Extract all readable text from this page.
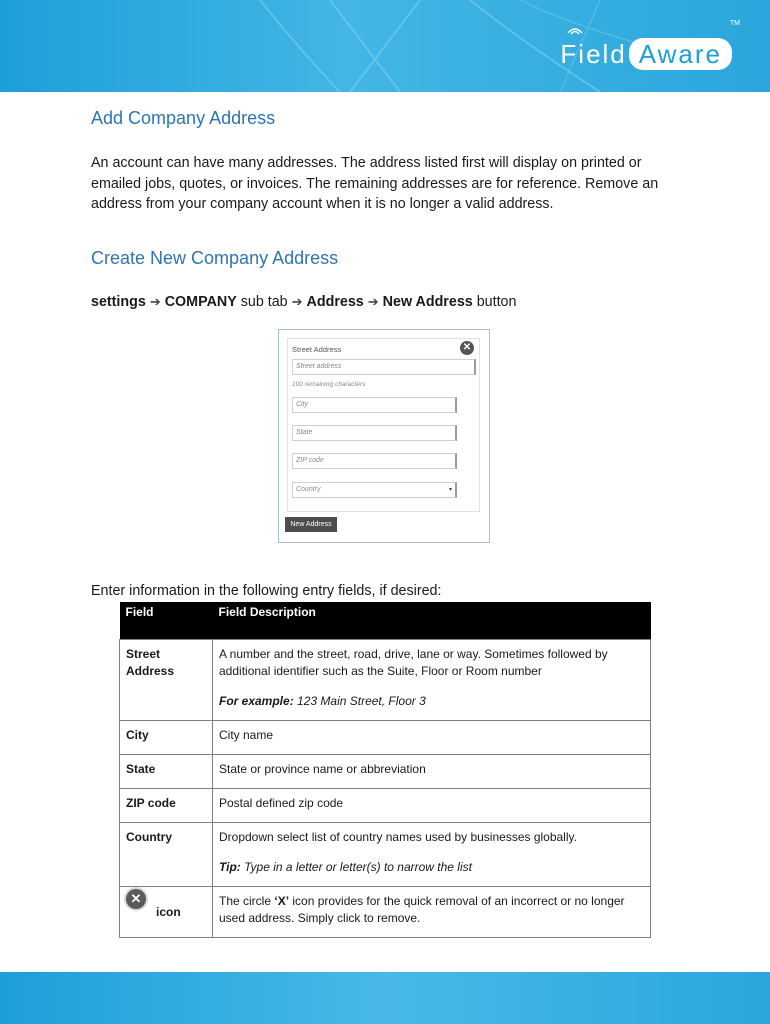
TM
Field Aware
Add Company Address

An account can have many addresses. The address listed first will display on printed or emailed jobs, quotes, or invoices. The remaining addresses are for reference. Remove an address from your company account when it is no longer a valid address.

Create New Company Address

settings ➔ COMPANY sub tab ➔ Address ➔ New Address button

Street Address	✕
Street address
100 remaining characters
City
State
ZIP code
Country	▾
New Address

Enter information in the following entry fields, if desired:

Field	Field Description
Street Address	A number and the street, road, drive, lane or way. Sometimes followed by additional identifier such as the Suite, Floor or Room number
For example: 123 Main Street, Floor 3

City	City name
State	State or province name or abbreviation
ZIP code	Postal defined zip code
Country	Dropdown select list of country names used by businesses globally.
Tip: Type in a letter or letter(s) to narrow the list

✕
icon	The circle ‘X’ icon provides for the quick removal of an incorrect or no longer used address. Simply click to remove.
